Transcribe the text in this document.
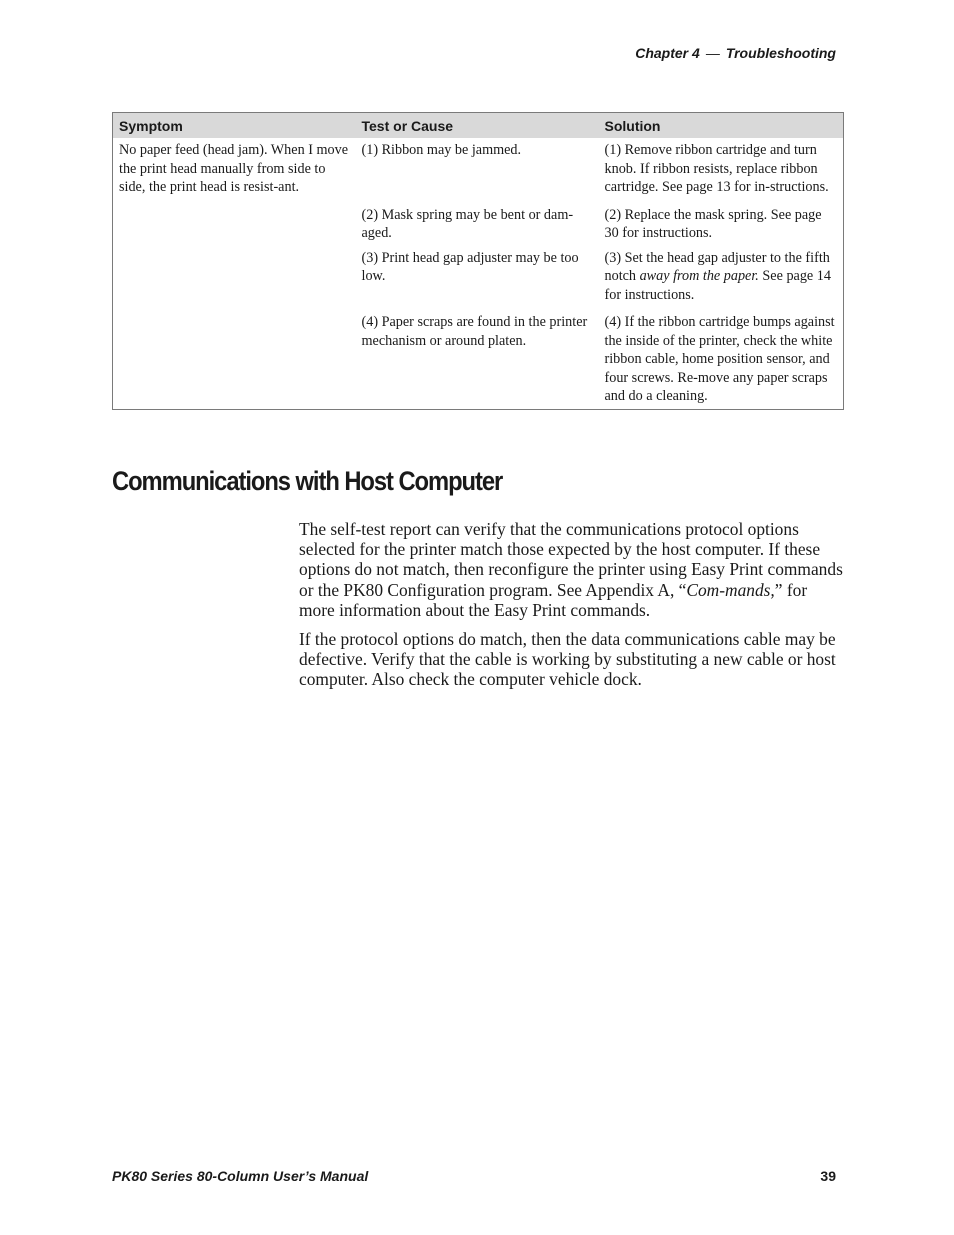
Chapter 4 — Troubleshooting
Symptom	Test or Cause	Solution
No paper feed (head jam). When I move the print head manually from side to side, the print head is resist-ant.	(1) Ribbon may be jammed.	(1) Remove ribbon cartridge and turn knob. If ribbon resists, replace ribbon cartridge. See page 13 for in-structions.
	(2) Mask spring may be bent or dam-aged.	(2) Replace the mask spring. See page 30 for instructions.
	(3) Print head gap adjuster may be too low.	(3) Set the head gap adjuster to the fifth notch away from the paper. See page 14 for instructions.
	(4) Paper scraps are found in the printer mechanism or around platen.	(4) If the ribbon cartridge bumps against the inside of the printer, check the white ribbon cable, home position sensor, and four screws. Re-move any paper scraps and do a cleaning.
Communications with Host Computer

The self-test report can verify that the communications protocol options selected for the printer match those expected by the host computer. If these options do not match, then reconfigure the printer using Easy Print commands or the PK80 Configuration program. See Appendix A, “Com-mands,” for more information about the Easy Print commands.

If the protocol options do match, then the data communications cable may be defective. Verify that the cable is working by substituting a new cable or host computer. Also check the computer vehicle dock.

PK80 Series 80-Column User’s Manual	39
